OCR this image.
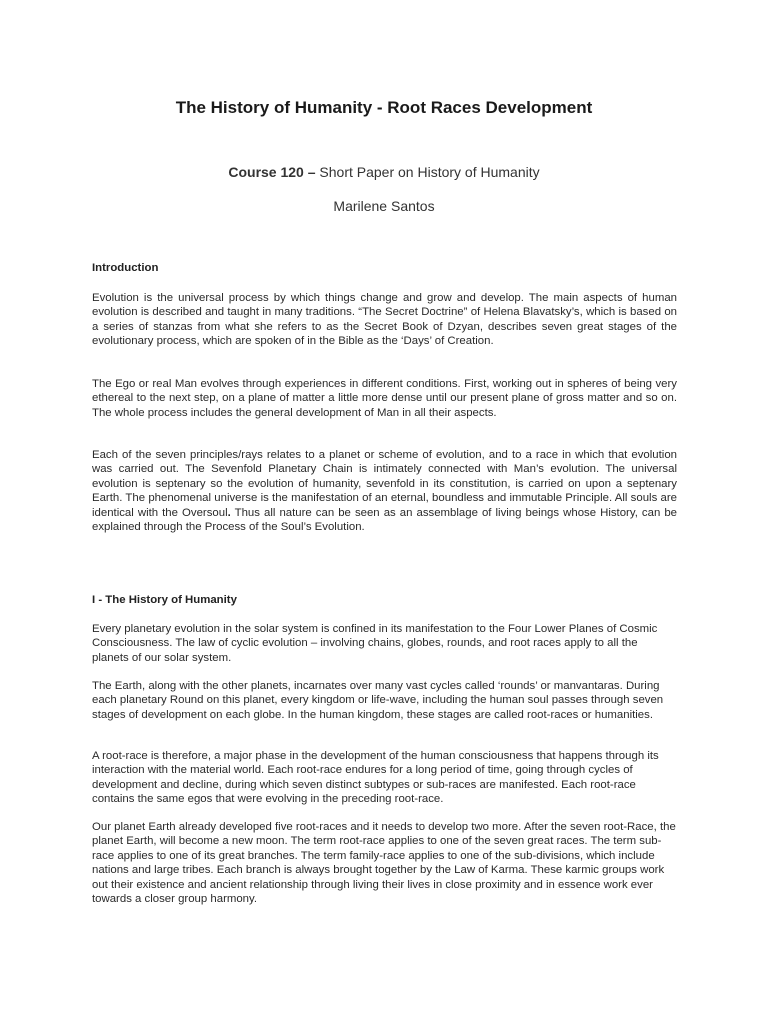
The History of Humanity - Root Races Development

Course 120 – Short Paper on History of Humanity

Marilene Santos

Introduction

Evolution is the universal process by which things change and grow and develop. The main aspects of human evolution is described and taught in many traditions. “The Secret Doctrine” of Helena Blavatsky’s, which is based on a series of stanzas from what she refers to as the Secret Book of Dzyan, describes seven great stages of the evolutionary process, which are spoken of in the Bible as the ‘Days’ of Creation.

The Ego or real Man evolves through experiences in different conditions. First, working out in spheres of being very ethereal to the next step, on a plane of matter a little more dense until our present plane of gross matter and so on. The whole process includes the general development of Man in all their aspects.

Each of the seven principles/rays relates to a planet or scheme of evolution, and to a race in which that evolution was carried out. The Sevenfold Planetary Chain is intimately connected with Man’s evolution. The universal evolution is septenary so the evolution of humanity, sevenfold in its constitution, is carried on upon a septenary Earth. The phenomenal universe is the manifestation of an eternal, boundless and immutable Principle. All souls are identical with the Oversoul. Thus all nature can be seen as an assemblage of living beings whose History, can be explained through the Process of the Soul’s Evolution.

I - The History of Humanity

Every planetary evolution in the solar system is confined in its manifestation to the Four Lower Planes of Cosmic Consciousness. The law of cyclic evolution – involving chains, globes, rounds, and root races apply to all the planets of our solar system.

The Earth, along with the other planets, incarnates over many vast cycles called ‘rounds’ or manvantaras. During each planetary Round on this planet, every kingdom or life-wave, including the human soul passes through seven stages of development on each globe. In the human kingdom, these stages are called root-races or humanities.

A root-race is therefore, a major phase in the development of the human consciousness that happens through its interaction with the material world. Each root-race endures for a long period of time, going through cycles of development and decline, during which seven distinct subtypes or sub-races are manifested. Each root-race contains the same egos that were evolving in the preceding root-race.

Our planet Earth already developed five root-races and it needs to develop two more. After the seven root-Race, the planet Earth, will become a new moon. The term root-race applies to one of the seven great races. The term sub-race applies to one of its great branches. The term family-race applies to one of the sub-divisions, which include nations and large tribes. Each branch is always brought together by the Law of Karma. These karmic groups work out their existence and ancient relationship through living their lives in close proximity and in essence work ever towards a closer group harmony.
